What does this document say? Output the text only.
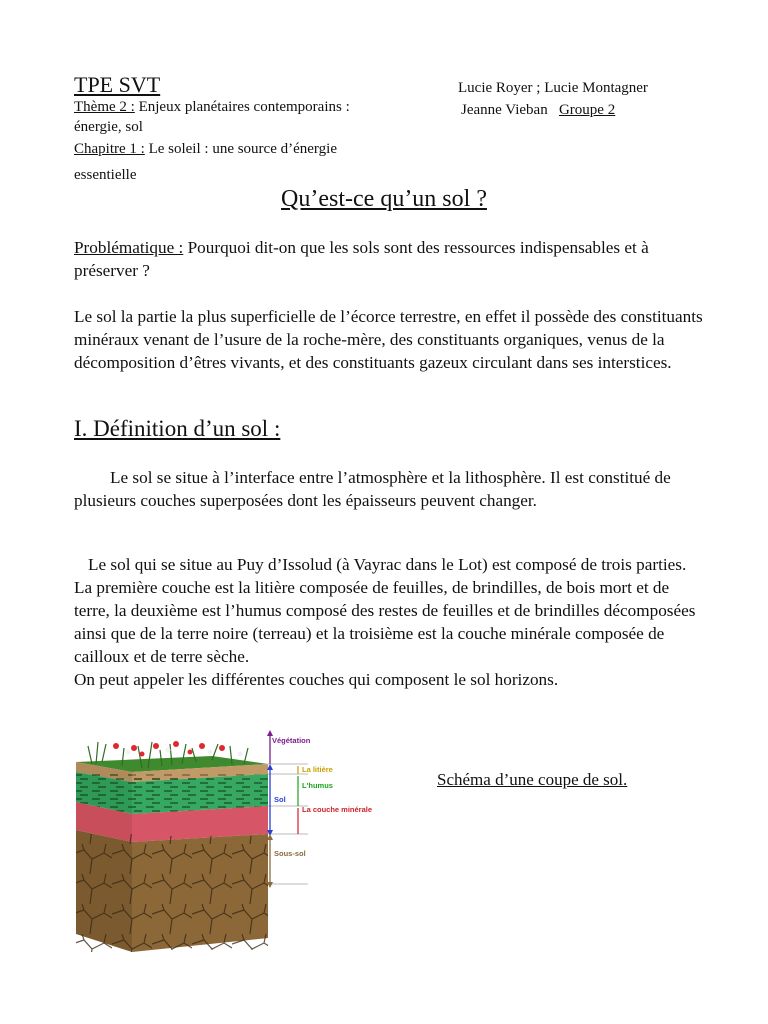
TPE SVT	Lucie Royer ; Lucie Montagner
Jeanne Vieban Groupe 2
Thème 2 : Enjeux planétaires contemporains : énergie, sol
Chapitre 1 : Le soleil : une source d’énergie essentielle
Qu’est-ce qu’un sol ?

Problématique : Pourquoi dit-on que les sols sont des ressources indispensables et à préserver ?

Le sol la partie la plus superficielle de l’écorce terrestre, en effet il possède des constituants minéraux venant de l’usure de la roche-mère, des constituants organiques, venus de la décomposition d’êtres vivants, et des constituants gazeux circulant dans ses interstices.

I. Définition d’un sol :

Le sol se situe à l’interface entre l’atmosphère et la lithosphère. Il est constitué de plusieurs couches superposées dont les épaisseurs peuvent changer.

Le sol qui se situe au Puy d’Issolud (à Vayrac dans le Lot) est composé de trois parties. La première couche est la litière composée de feuilles, de brindilles, de bois mort et de terre, la deuxième est l’humus composé des restes de feuilles et de brindilles décomposées ainsi que de la terre noire (terreau) et la troisième est la couche minérale composée de cailloux et de terre sèche.

On peut appeler les différentes couches qui composent le sol horizons.

Végétation
La litière
L'humus
Sol
La couche minérale
Sous-sol
Schéma d’une coupe de sol.
